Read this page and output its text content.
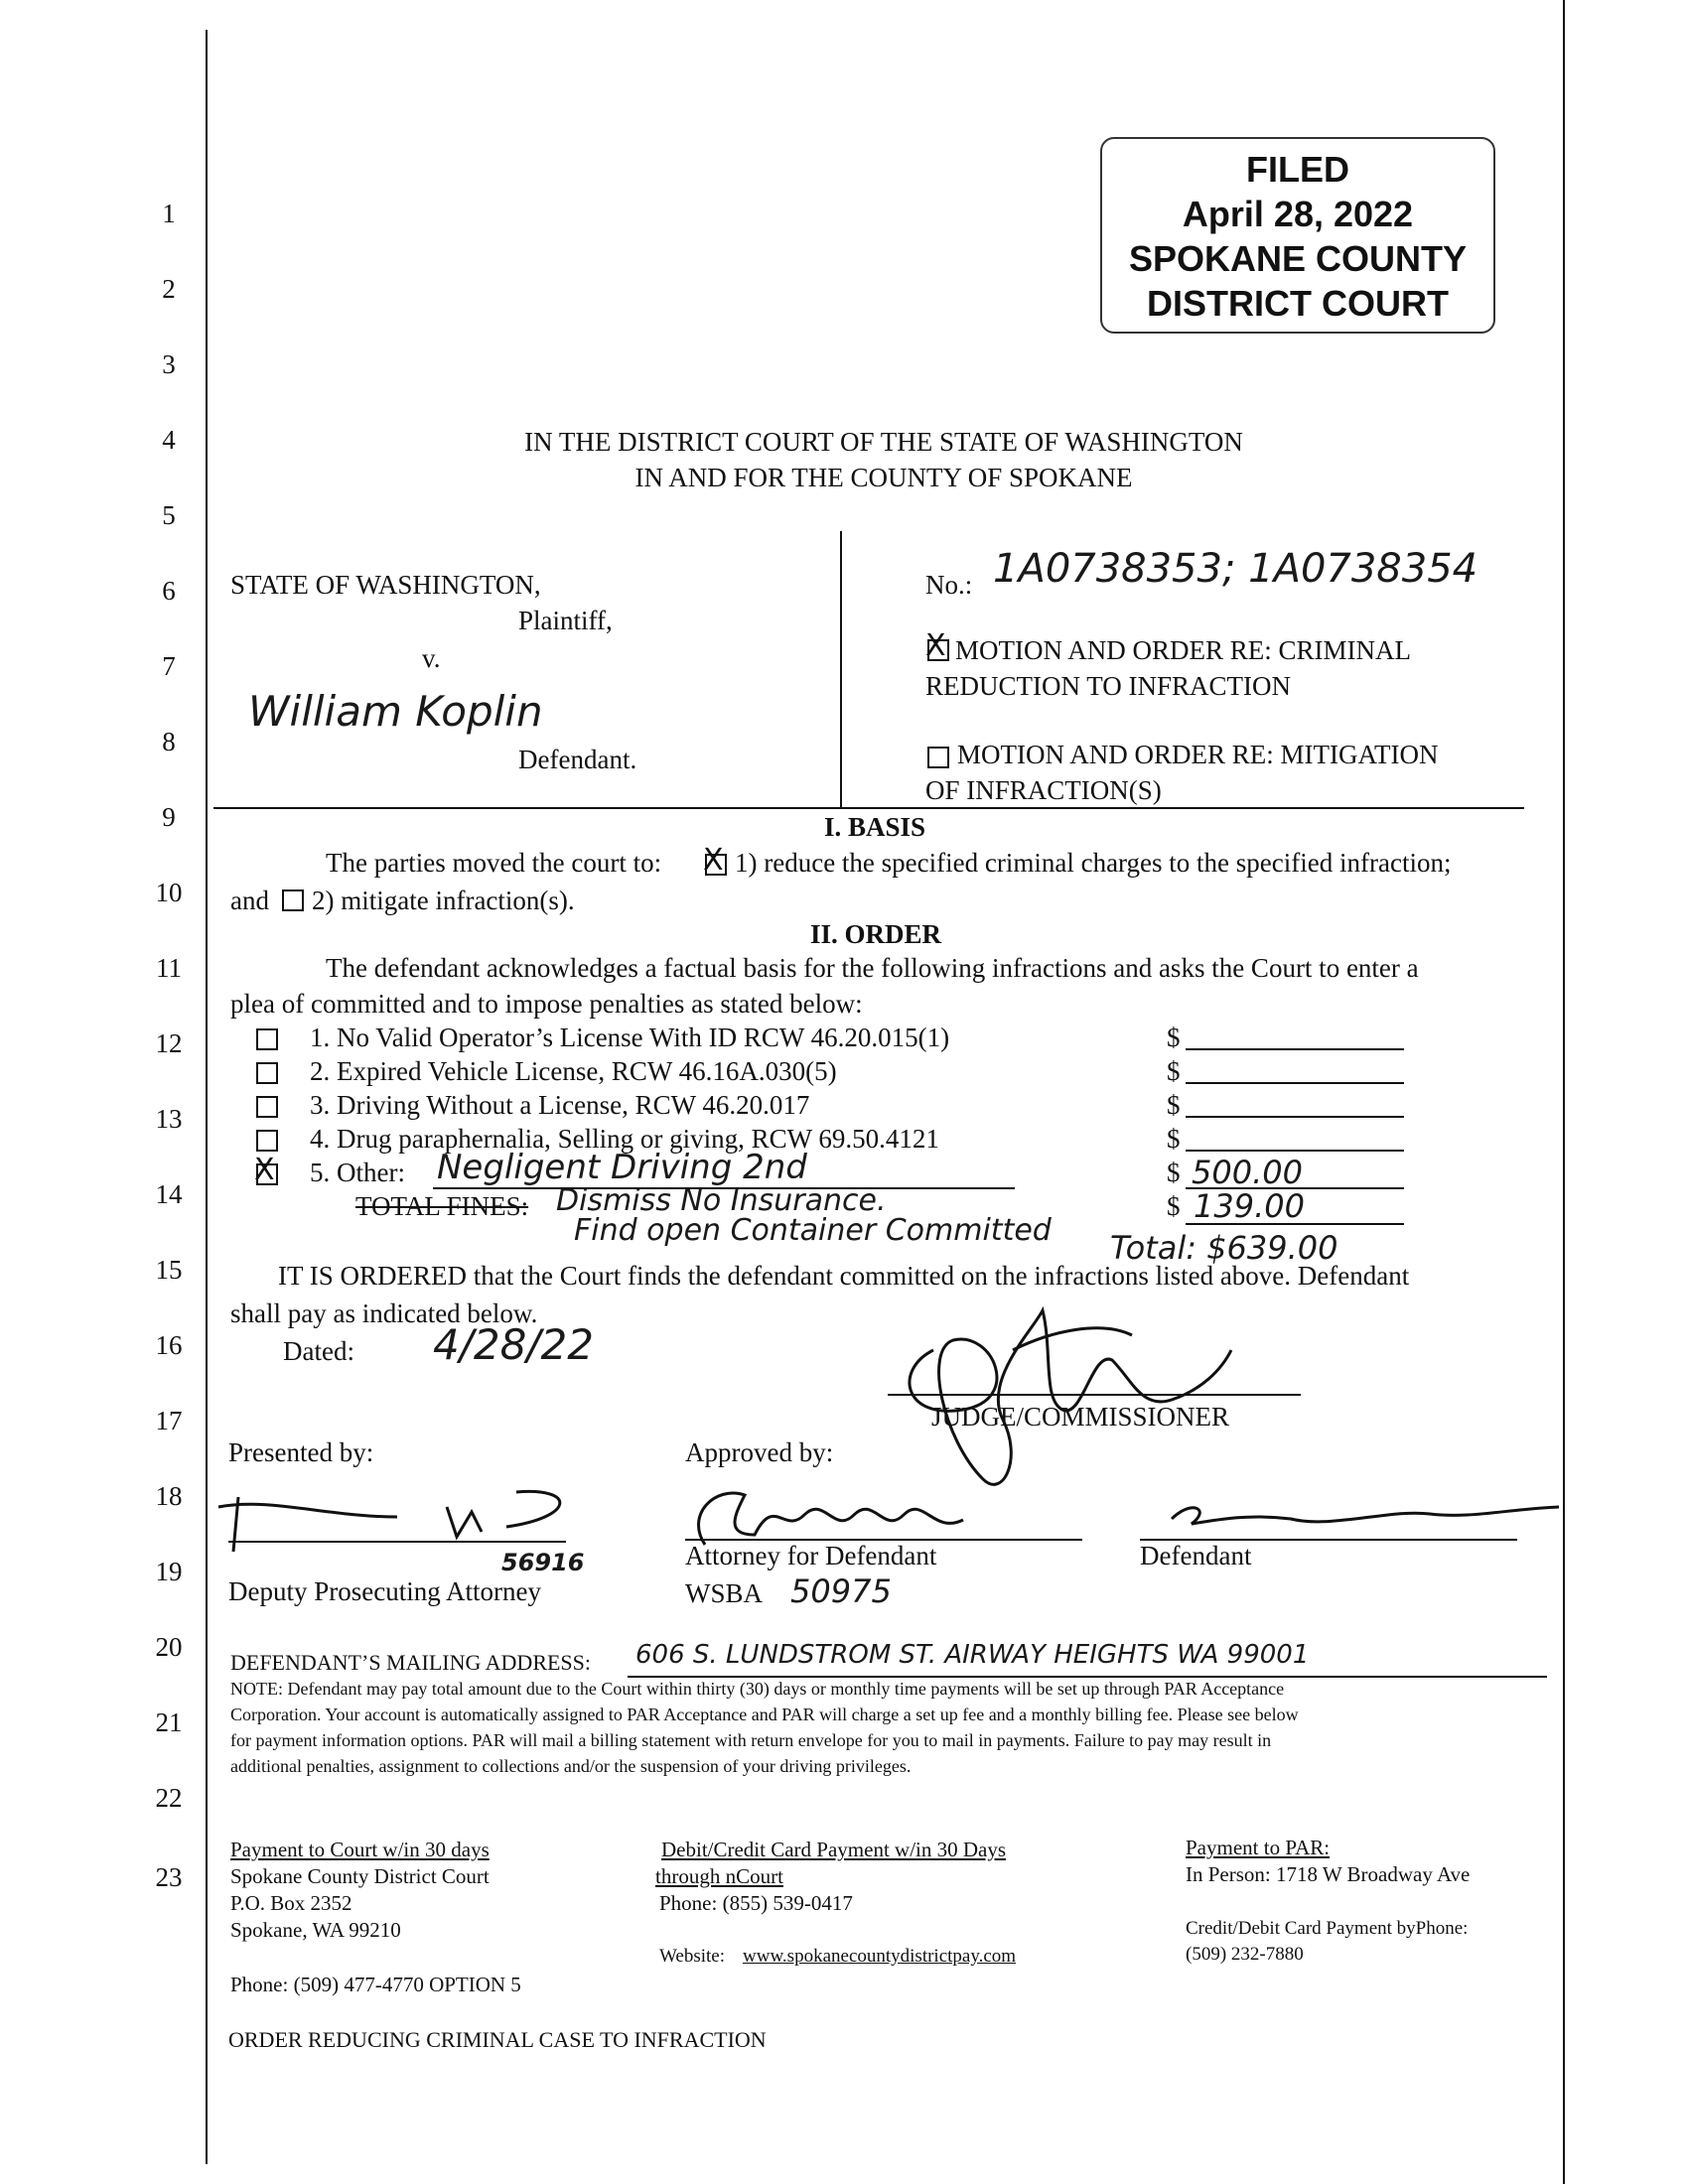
FILED
April 28, 2022
SPOKANE COUNTY
DISTRICT COURT
1
2
3
4
5
6
7
8
9
10
11
12
13
14
15
16
17
18
19
20
21
22
23
IN THE DISTRICT COURT OF THE STATE OF WASHINGTON
IN AND FOR THE COUNTY OF SPOKANE
STATE OF WASHINGTON,
Plaintiff,
v.
William Koplin
Defendant.
No.: 1A0738353; 1A0738354
X
MOTION AND ORDER RE: CRIMINAL
REDUCTION TO INFRACTION
MOTION AND ORDER RE: MITIGATION
OF INFRACTION(S)
I. BASIS
The parties moved the court to:
X	1) reduce the specified criminal charges to the specified infraction;
and 2) mitigate infraction(s).
II. ORDER
The defendant acknowledges a factual basis for the following infractions and asks the Court to enter a
plea of committed and to impose penalties as stated below:
1. No Valid Operator’s License With ID RCW 46.20.015(1)	$
2. Expired Vehicle License, RCW 46.16A.030(5)	$
3. Driving Without a License, RCW 46.20.017	$
4. Drug paraphernalia, Selling or giving, RCW 69.50.4121	$
X
5. Other: Negligent Driving 2nd	$ 500.00
TOTAL FINES: Dismiss No Insurance.
Find open Container Committed
$ 139.00
Total: $639.00
IT IS ORDERED that the Court finds the defendant committed on the infractions listed above. Defendant
shall pay as indicated below.
Dated: 4/28/22
JUDGE/COMMISSIONER
Presented by:	Approved by:
56916
Deputy Prosecuting Attorney
Attorney for Defendant
WSBA 50975
Defendant
DEFENDANT’S MAILING ADDRESS: 606 S. LUNDSTROM ST. AIRWAY HEIGHTS WA 99001
NOTE: Defendant may pay total amount due to the Court within thirty (30) days or monthly time payments will be set up through PAR Acceptance
Corporation. Your account is automatically assigned to PAR Acceptance and PAR will charge a set up fee and a monthly billing fee. Please see below
for payment information options. PAR will mail a billing statement with return envelope for you to mail in payments. Failure to pay may result in
additional penalties, assignment to collections and/or the suspension of your driving privileges.
Payment to Court w/in 30 days
Spokane County District Court
P.O. Box 2352
Spokane, WA 99210
Phone: (509) 477-4770 OPTION 5
Debit/Credit Card Payment w/in 30 Days
through nCourt
Phone: (855) 539-0417
Website: www.spokanecountydistrictpay.com
Payment to PAR:
In Person: 1718 W Broadway Ave
Credit/Debit Card Payment byPhone:
(509) 232-7880
ORDER REDUCING CRIMINAL CASE TO INFRACTION
